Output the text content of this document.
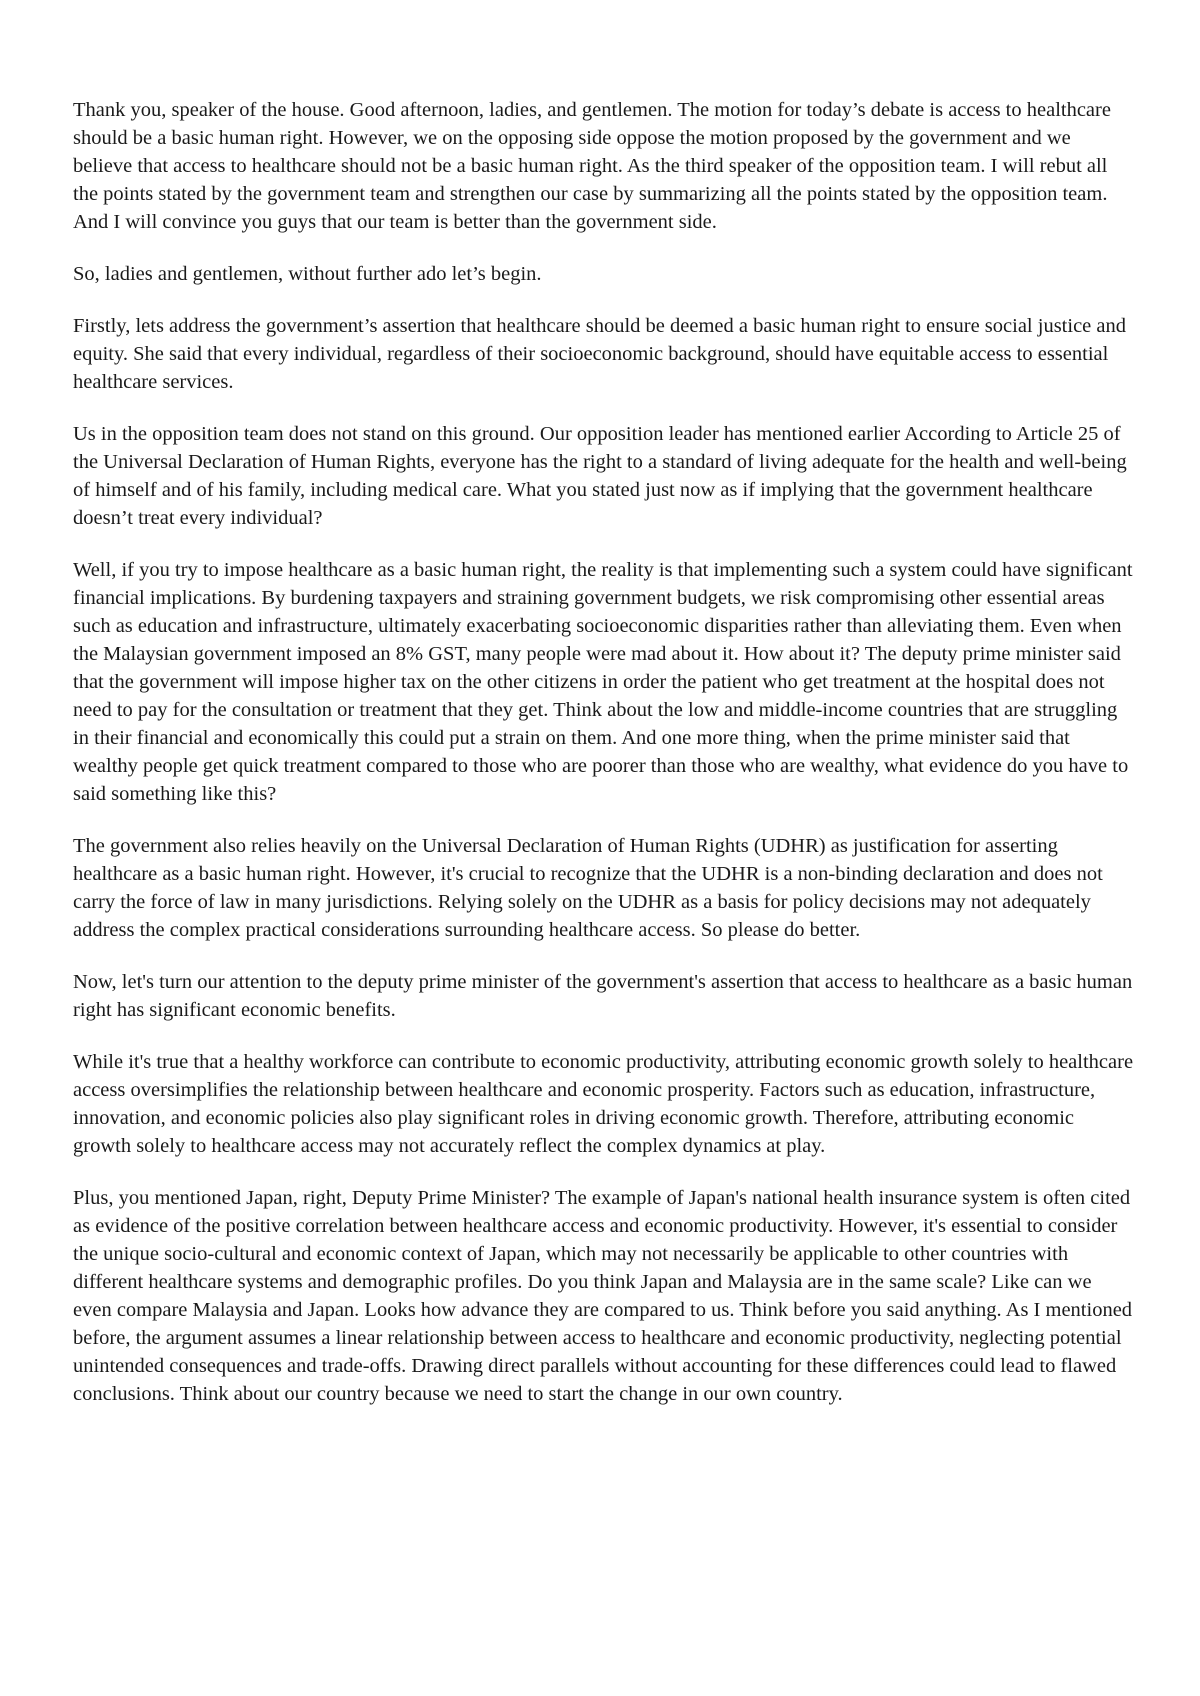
Thank you, speaker of the house. Good afternoon, ladies, and gentlemen. The motion for today’s debate is access to healthcare should be a basic human right. However, we on the opposing side oppose the motion proposed by the government and we believe that access to healthcare should not be a basic human right. As the third speaker of the opposition team. I will rebut all the points stated by the government team and strengthen our case by summarizing all the points stated by the opposition team. And I will convince you guys that our team is better than the government side.

So, ladies and gentlemen, without further ado let’s begin.

Firstly, lets address the government’s assertion that healthcare should be deemed a basic human right to ensure social justice and equity. She said that every individual, regardless of their socioeconomic background, should have equitable access to essential healthcare services.

Us in the opposition team does not stand on this ground. Our opposition leader has mentioned earlier According to Article 25 of the Universal Declaration of Human Rights, everyone has the right to a standard of living adequate for the health and well-being of himself and of his family, including medical care. What you stated just now as if implying that the government healthcare doesn’t treat every individual?

Well, if you try to impose healthcare as a basic human right, the reality is that implementing such a system could have significant financial implications. By burdening taxpayers and straining government budgets, we risk compromising other essential areas such as education and infrastructure, ultimately exacerbating socioeconomic disparities rather than alleviating them. Even when the Malaysian government imposed an 8% GST, many people were mad about it. How about it? The deputy prime minister said that the government will impose higher tax on the other citizens in order the patient who get treatment at the hospital does not need to pay for the consultation or treatment that they get. Think about the low and middle-income countries that are struggling in their financial and economically this could put a strain on them. And one more thing, when the prime minister said that wealthy people get quick treatment compared to those who are poorer than those who are wealthy, what evidence do you have to said something like this?

The government also relies heavily on the Universal Declaration of Human Rights (UDHR) as justification for asserting healthcare as a basic human right. However, it's crucial to recognize that the UDHR is a non-binding declaration and does not carry the force of law in many jurisdictions. Relying solely on the UDHR as a basis for policy decisions may not adequately address the complex practical considerations surrounding healthcare access. So please do better.

Now, let's turn our attention to the deputy prime minister of the government's assertion that access to healthcare as a basic human right has significant economic benefits.

While it's true that a healthy workforce can contribute to economic productivity, attributing economic growth solely to healthcare access oversimplifies the relationship between healthcare and economic prosperity. Factors such as education, infrastructure, innovation, and economic policies also play significant roles in driving economic growth. Therefore, attributing economic growth solely to healthcare access may not accurately reflect the complex dynamics at play.

Plus, you mentioned Japan, right, Deputy Prime Minister? The example of Japan's national health insurance system is often cited as evidence of the positive correlation between healthcare access and economic productivity. However, it's essential to consider the unique socio-cultural and economic context of Japan, which may not necessarily be applicable to other countries with different healthcare systems and demographic profiles. Do you think Japan and Malaysia are in the same scale? Like can we even compare Malaysia and Japan. Looks how advance they are compared to us. Think before you said anything. As I mentioned before, the argument assumes a linear relationship between access to healthcare and economic productivity, neglecting potential unintended consequences and trade-offs. Drawing direct parallels without accounting for these differences could lead to flawed conclusions. Think about our country because we need to start the change in our own country.
